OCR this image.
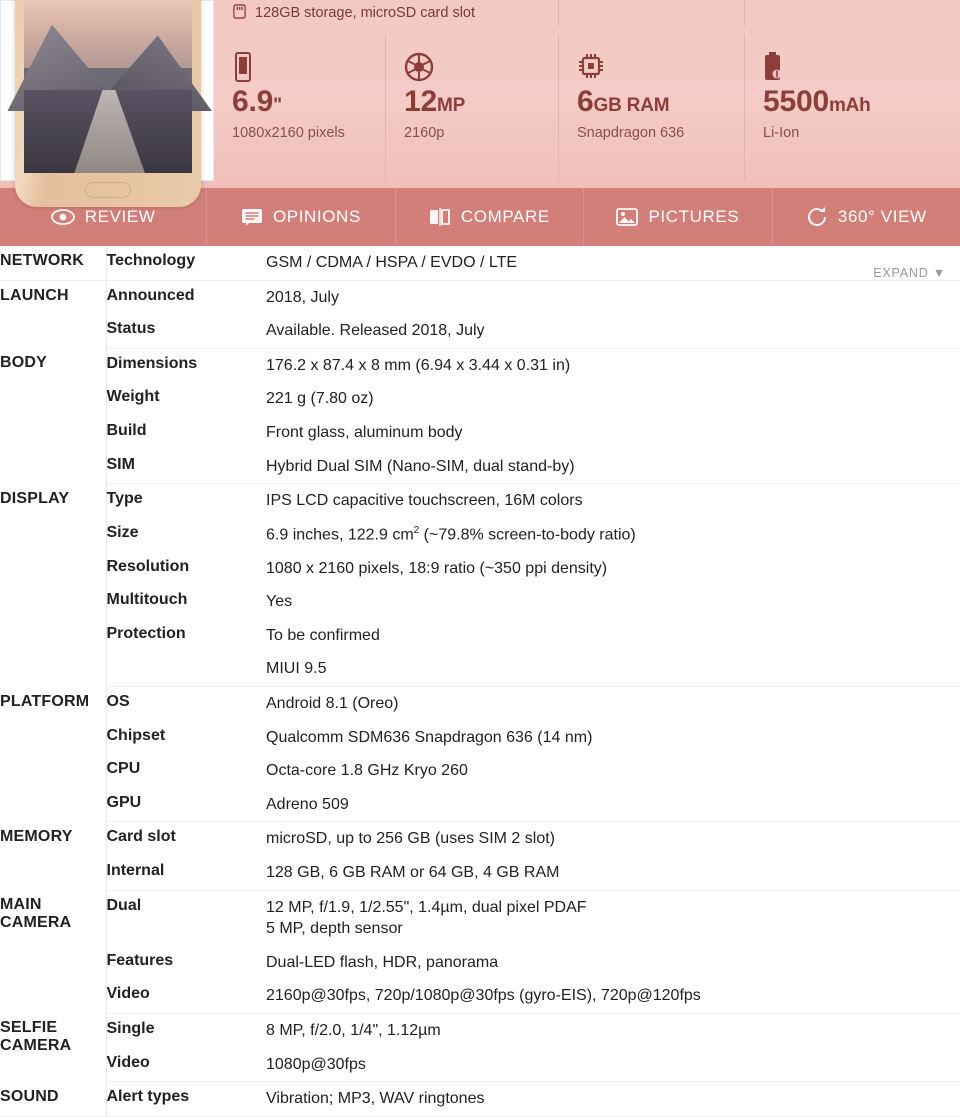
128GB storage, microSD card slot
6.9"
1080x2160 pixels
12MP
2160p
6GB RAM
Snapdragon 636
5500mAh
Li-Ion
REVIEW	OPINIONS	COMPARE	PICTURES	360° VIEW
EXPAND ▼
NETWORK	Technology	GSM / CDMA / HSPA / EVDO / LTE
LAUNCH	Announced	2018, July
	Status	Available. Released 2018, July
BODY	Dimensions	176.2 x 87.4 x 8 mm (6.94 x 3.44 x 0.31 in)
	Weight	221 g (7.80 oz)
	Build	Front glass, aluminum body
	SIM	Hybrid Dual SIM (Nano-SIM, dual stand-by)
DISPLAY	Type	IPS LCD capacitive touchscreen, 16M colors
	Size	6.9 inches, 122.9 $cm^2$ (~79.8% screen-to-body ratio)
	Resolution	1080 x 2160 pixels, 18:9 ratio (~350 ppi density)
	Multitouch	Yes
	Protection	To be confirmed
		MIUI 9.5
PLATFORM	OS	Android 8.1 (Oreo)
	Chipset	Qualcomm SDM636 Snapdragon 636 (14 nm)
	CPU	Octa-core 1.8 GHz Kryo 260
	GPU	Adreno 509
MEMORY	Card slot	microSD, up to 256 GB (uses SIM 2 slot)
	Internal	128 GB, 6 GB RAM or 64 GB, 4 GB RAM
MAIN CAMERA	Dual	12 MP, f/1.9, 1/2.55", 1.4µm, dual pixel PDAF
5 MP, depth sensor

	Features	Dual-LED flash, HDR, panorama
	Video	2160p@30fps, 720p/1080p@30fps (gyro-EIS), 720p@120fps
SELFIE CAMERA	Single	8 MP, f/2.0, 1/4", 1.12µm
	Video	1080p@30fps
SOUND	Alert types	Vibration; MP3, WAV ringtones
